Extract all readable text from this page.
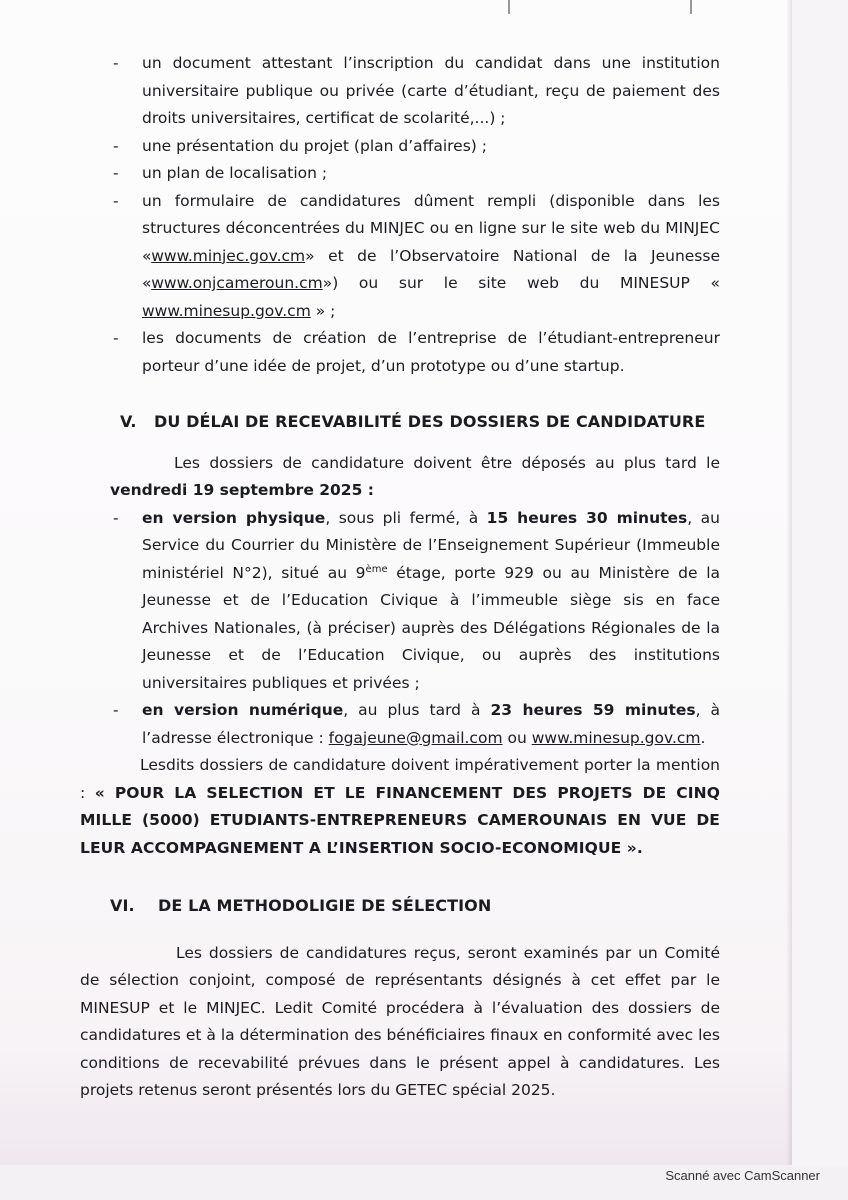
- un document attestant l’inscription du candidat dans une institution universitaire publique ou privée (carte d’étudiant, reçu de paiement des droits universitaires, certificat de scolarité,...) ;
- une présentation du projet (plan d’affaires) ;
- un plan de localisation ;
- un formulaire de candidatures dûment rempli (disponible dans les structures déconcentrées du MINJEC ou en ligne sur le site web du MINJEC «www.minjec.gov.cm» et de l’Observatoire National de la Jeunesse «www.onjcameroun.cm») ou sur le site web du MINESUP « www.minesup.gov.cm » ;
- les documents de création de l’entreprise de l’étudiant-entrepreneur porteur d’une idée de projet, d’un prototype ou d’une startup.
V. DU DÉLAI DE RECEVABILITÉ DES DOSSIERS DE CANDIDATURE
Les dossiers de candidature doivent être déposés au plus tard le vendredi 19 septembre 2025 :
- en version physique, sous pli fermé, à 15 heures 30 minutes, au Service du Courrier du Ministère de l’Enseignement Supérieur (Immeuble ministériel N°2), situé au 9ème étage, porte 929 ou au Ministère de la Jeunesse et de l’Education Civique à l’immeuble siège sis en face Archives Nationales, (à préciser) auprès des Délégations Régionales de la Jeunesse et de l’Education Civique, ou auprès des institutions universitaires publiques et privées ;
- en version numérique, au plus tard à 23 heures 59 minutes, à l’adresse électronique : fogajeune@gmail.com ou www.minesup.gov.cm.
Lesdits dossiers de candidature doivent impérativement porter la mention : « POUR LA SELECTION ET LE FINANCEMENT DES PROJETS DE CINQ MILLE (5000) ETUDIANTS-ENTREPRENEURS CAMEROUNAIS EN VUE DE LEUR ACCOMPAGNEMENT A L’INSERTION SOCIO-ECONOMIQUE ».
VI. DE LA METHODOLIGIE DE SÉLECTION
Les dossiers de candidatures reçus, seront examinés par un Comité de sélection conjoint, composé de représentants désignés à cet effet par le MINESUP et le MINJEC. Ledit Comité procédera à l’évaluation des dossiers de candidatures et à la détermination des bénéficiaires finaux en conformité avec les conditions de recevabilité prévues dans le présent appel à candidatures. Les projets retenus seront présentés lors du GETEC spécial 2025.
Scanné avec CamScanner
